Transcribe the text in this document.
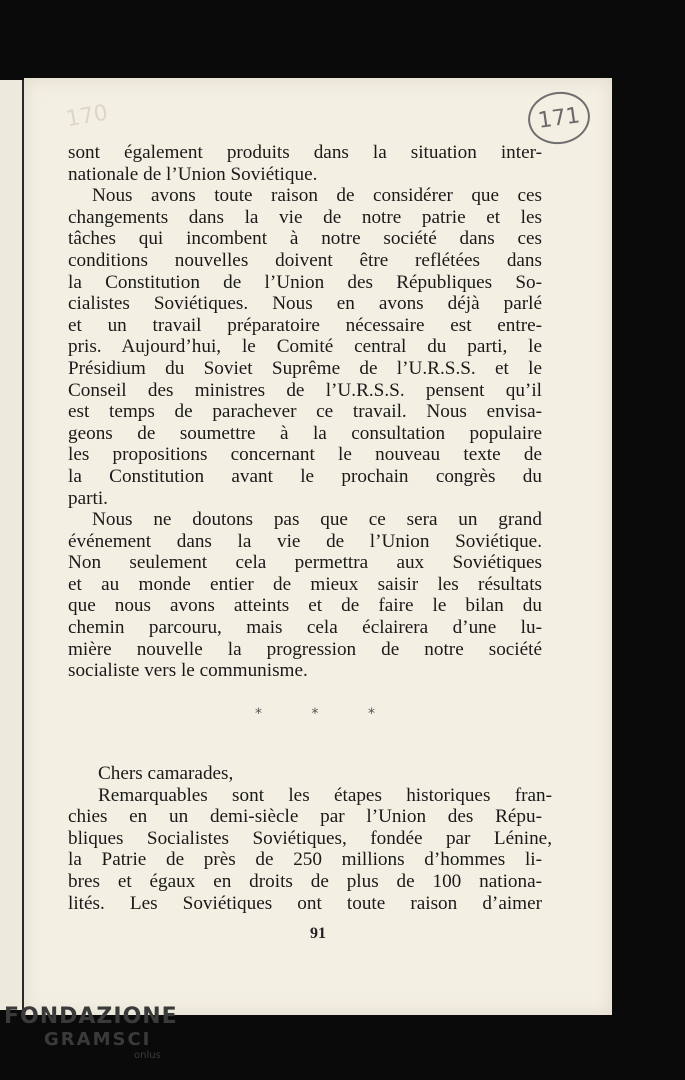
170	171
sont également produits dans la situation inter-
nationale de l’Union Soviétique.
Nous avons toute raison de considérer que ces
changements dans la vie de notre patrie et les
tâches qui incombent à notre société dans ces
conditions nouvelles doivent être reflétées dans
la Constitution de l’Union des Républiques So-
cialistes Soviétiques. Nous en avons déjà parlé
et un travail préparatoire nécessaire est entre-
pris. Aujourd’hui, le Comité central du parti, le
Présidium du Soviet Suprême de l’U.R.S.S. et le
Conseil des ministres de l’U.R.S.S. pensent qu’il
est temps de parachever ce travail. Nous envisa-
geons de soumettre à la consultation populaire
les propositions concernant le nouveau texte de
la Constitution avant le prochain congrès du
parti.
Nous ne doutons pas que ce sera un grand
événement dans la vie de l’Union Soviétique.
Non seulement cela permettra aux Soviétiques
et au monde entier de mieux saisir les résultats
que nous avons atteints et de faire le bilan du
chemin parcouru, mais cela éclairera d’une lu-
mière nouvelle la progression de notre société
socialiste vers le communisme.
*	*	*
Chers camarades,
Remarquables sont les étapes historiques fran-
chies en un demi-siècle par l’Union des Répu-
bliques Socialistes Soviétiques, fondée par Lénine,
la Patrie de près de 250 millions d’hommes li-
bres et égaux en droits de plus de 100 nationa-
lités. Les Soviétiques ont toute raison d’aimer
91
FONDAZIONE
GRAMSCI
onlus
